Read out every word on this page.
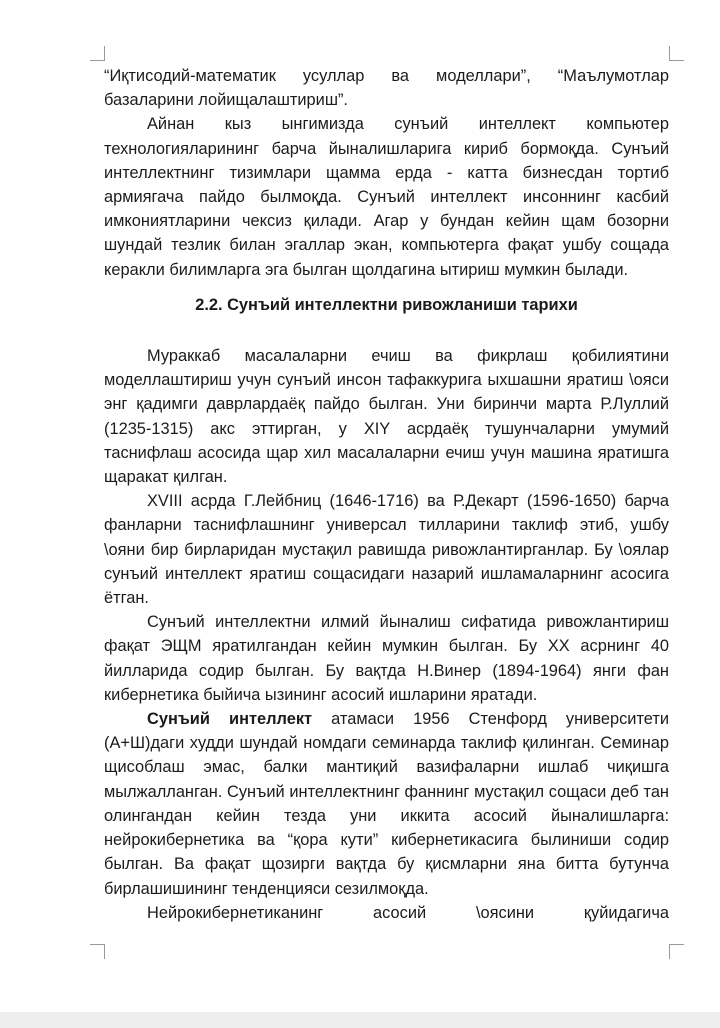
“Иқтисодий-математик усуллар ва моделлари”, “Маълумотлар базаларини лойищалаштириш”.

Айнан кыз ынгимизда сунъий интеллект компьютер технологияларининг барча йыналишларига кириб бормоқда. Сунъий интеллектнинг тизимлари щамма ерда - катта бизнесдан тортиб армиягача пайдо былмоқда. Сунъий интеллект инсоннинг касбий имкониятларини чексиз қилади. Агар у бундан кейин щам бозорни шундай тезлик билан эгаллар экан, компьютерга фақат ушбу сощада керакли билимларга эга былган щолдагина ытириш мумкин былади.

2.2. Сунъий интеллектни ривожланиши тарихи

Мураккаб масалаларни ечиш ва фикрлаш қобилиятини моделлаштириш учун сунъий инсон тафаккурига ыхшашни яратиш \ояси энг қадимги даврлардаёқ пайдо былган. Уни биринчи марта Р.Луллий (1235-1315) акс эттирган, у XIY асрдаёқ тушунчаларни умумий таснифлаш асосида щар хил масалаларни ечиш учун машина яратишга щаракат қилган.

XVIII асрда Г.Лейбниц (1646-1716) ва Р.Декарт (1596-1650) барча фанларни таснифлашнинг универсал тилларини таклиф этиб, ушбу \ояни бир бирларидан мустақил равишда ривожлантирганлар. Бу \оялар сунъий интеллект яратиш сощасидаги назарий ишламаларнинг асосига ётган.

Сунъий интеллектни илмий йыналиш сифатида ривожлантириш фақат ЭЩМ яратилгандан кейин мумкин былган. Бу XX асрнинг 40 йилларида содир былган. Бу вақтда Н.Винер (1894-1964) янги фан кибернетика быйича ызининг асосий ишларини яратади.

Сунъий интеллект атамаси 1956 Стенфорд университети (А+Ш)даги худди шундай номдаги семинарда таклиф қилинган. Семинар щисоблаш эмас, балки мантиқий вазифаларни ишлаб чиқишга мылжалланган. Сунъий интеллектнинг фаннинг мустақил сощаси деб тан олингандан кейин тезда уни иккита асосий йыналишларга: нейрокибернетика ва “қора кути” кибернетикасига былиниши содир былган. Ва фақат щозирги вақтда бу қисмларни яна битта бутунча бирлашишининг тенденцияси сезилмоқда.

Нейрокибернетиканинг асосий \оясини қуйидагича
